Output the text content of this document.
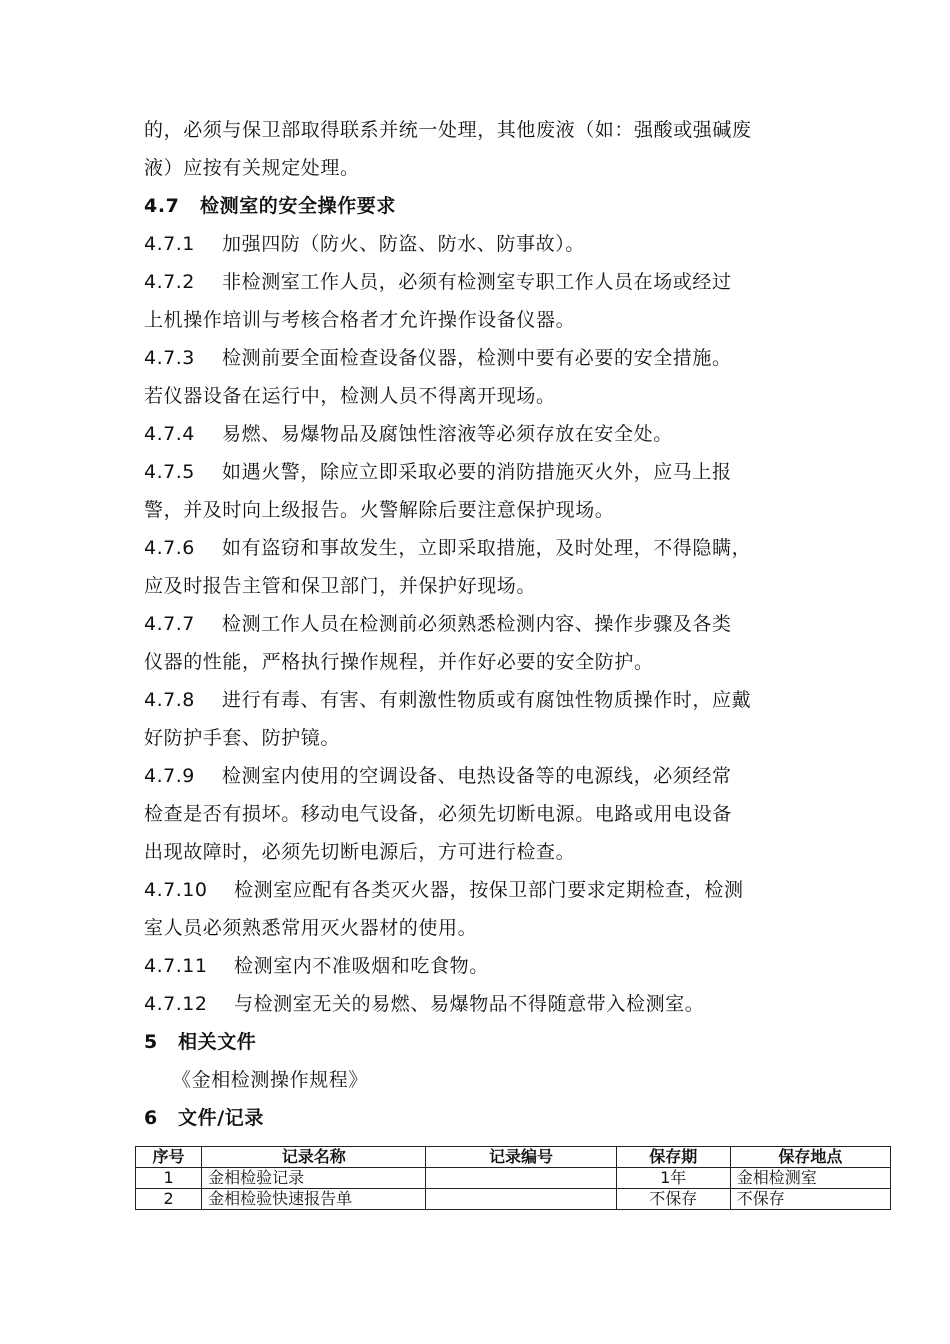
的，必须与保卫部取得联系并统一处理，其他废液（如：强酸或强碱废
液）应按有关规定处理。
4.7 检测室的安全操作要求
4.7.1 加强四防（防火、防盗、防水、防事故）。
4.7.2 非检测室工作人员，必须有检测室专职工作人员在场或经过
上机操作培训与考核合格者才允许操作设备仪器。
4.7.3 检测前要全面检查设备仪器，检测中要有必要的安全措施。
若仪器设备在运行中，检测人员不得离开现场。
4.7.4 易燃、易爆物品及腐蚀性溶液等必须存放在安全处。
4.7.5 如遇火警，除应立即采取必要的消防措施灭火外，应马上报
警，并及时向上级报告。火警解除后要注意保护现场。
4.7.6 如有盗窃和事故发生，立即采取措施，及时处理，不得隐瞒，
应及时报告主管和保卫部门，并保护好现场。
4.7.7 检测工作人员在检测前必须熟悉检测内容、操作步骤及各类
仪器的性能，严格执行操作规程，并作好必要的安全防护。
4.7.8 进行有毒、有害、有刺激性物质或有腐蚀性物质操作时，应戴
好防护手套、防护镜。
4.7.9 检测室内使用的空调设备、电热设备等的电源线，必须经常
检查是否有损坏。移动电气设备，必须先切断电源。电路或用电设备
出现故障时，必须先切断电源后，方可进行检查。
4.7.10 检测室应配有各类灭火器，按保卫部门要求定期检查，检测
室人员必须熟悉常用灭火器材的使用。
4.7.11 检测室内不准吸烟和吃食物。
4.7.12 与检测室无关的易燃、易爆物品不得随意带入检测室。
5 相关文件
《金相检测操作规程》
6 文件/记录
序号	记录名称	记录编号	保存期	保存地点
1	金相检验记录		1年	金相检测室
2	金相检验快速报告单		不保存	不保存
